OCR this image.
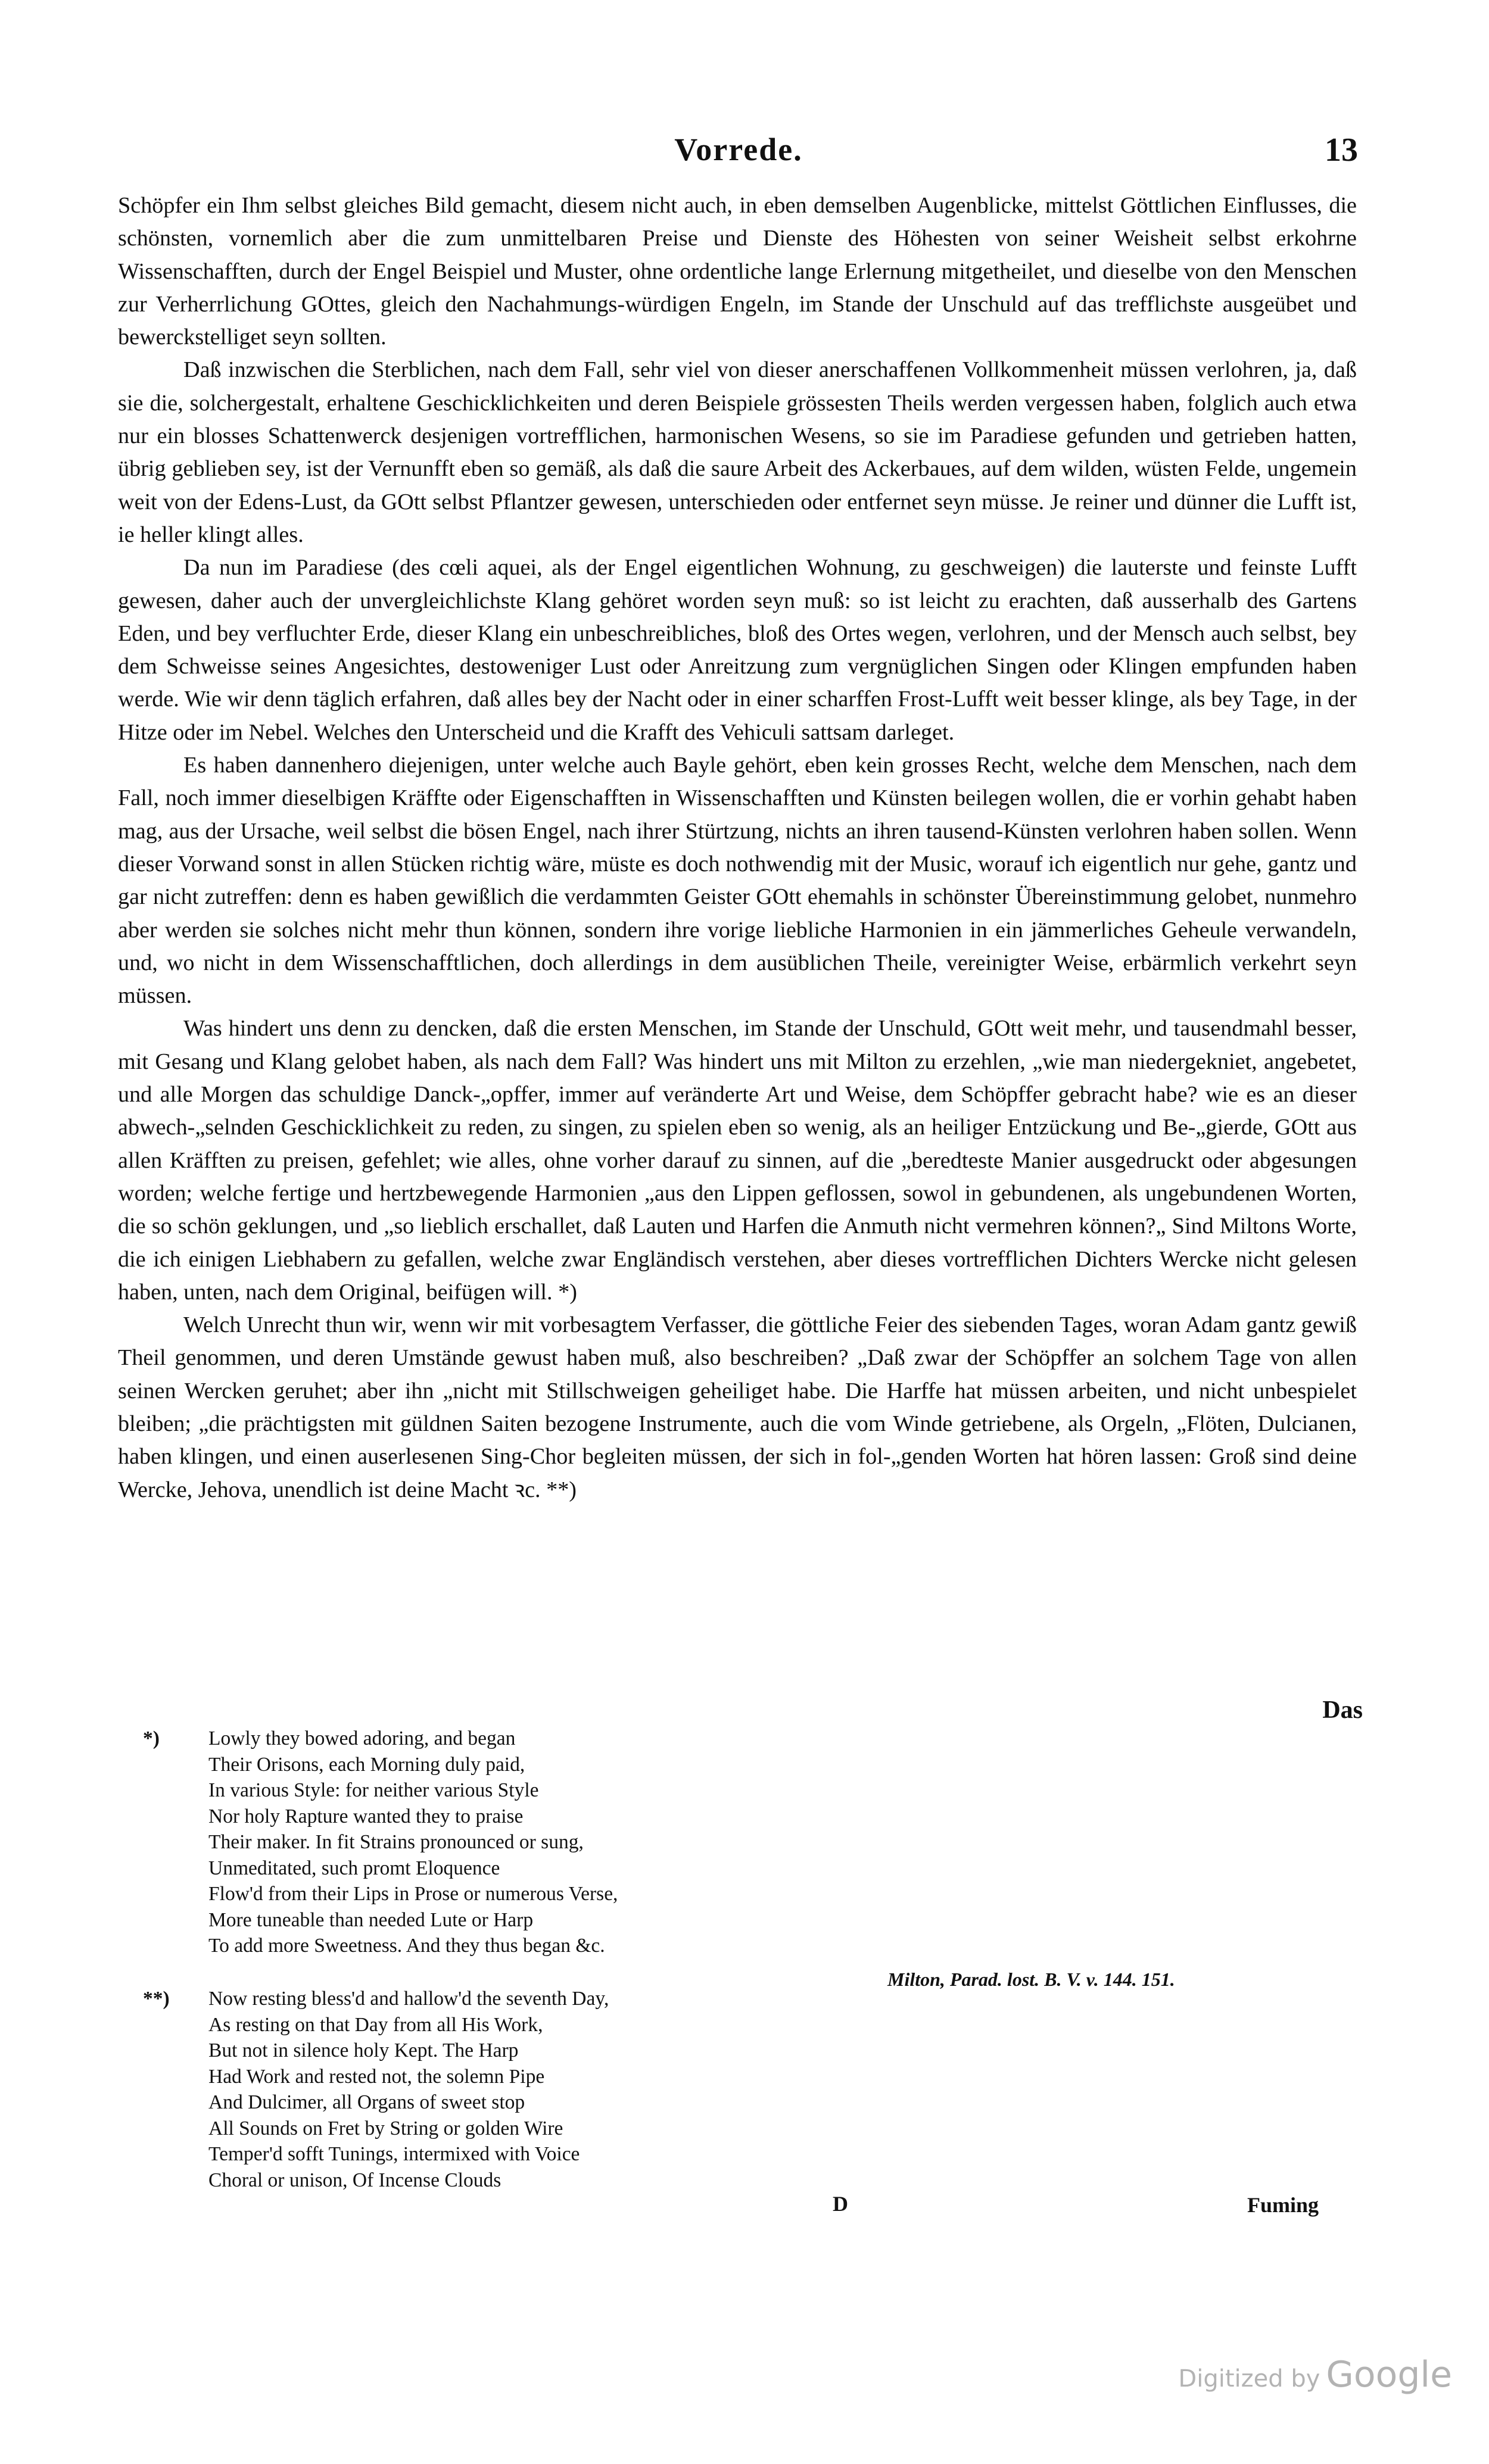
Vorrede.	13

Schöpfer ein Ihm selbst gleiches Bild gemacht, diesem nicht auch, in eben demselben Augenblicke, mittelst Göttlichen Einflusses, die schönsten, vornemlich aber die zum unmittelbaren Preise und Dienste des Höhesten von seiner Weisheit selbst erkohrne Wissenschafften, durch der Engel Beispiel und Muster, ohne ordentliche lange Erlernung mitgetheilet, und dieselbe von den Menschen zur Verherrlichung GOttes, gleich den Nachahmungs-würdigen Engeln, im Stande der Unschuld auf das trefflichste ausgeübet und bewerckstelliget seyn sollten.

Daß inzwischen die Sterblichen, nach dem Fall, sehr viel von dieser anerschaffenen Vollkommenheit müssen verlohren, ja, daß sie die, solchergestalt, erhaltene Geschicklichkeiten und deren Beispiele grössesten Theils werden vergessen haben, folglich auch etwa nur ein blosses Schattenwerck desjenigen vortrefflichen, harmonischen Wesens, so sie im Paradiese gefunden und getrieben hatten, übrig geblieben sey, ist der Vernunfft eben so gemäß, als daß die saure Arbeit des Ackerbaues, auf dem wilden, wüsten Felde, ungemein weit von der Edens-Lust, da GOtt selbst Pflantzer gewesen, unterschieden oder entfernet seyn müsse. Je reiner und dünner die Lufft ist, ie heller klingt alles.

Da nun im Paradiese (des cœli aquei, als der Engel eigentlichen Wohnung, zu geschweigen) die lauterste und feinste Lufft gewesen, daher auch der unvergleichlichste Klang gehöret worden seyn muß: so ist leicht zu erachten, daß ausserhalb des Gartens Eden, und bey verfluchter Erde, dieser Klang ein unbeschreibliches, bloß des Ortes wegen, verlohren, und der Mensch auch selbst, bey dem Schweisse seines Angesichtes, destoweniger Lust oder Anreitzung zum vergnüglichen Singen oder Klingen empfunden haben werde. Wie wir denn täglich erfahren, daß alles bey der Nacht oder in einer scharffen Frost-Lufft weit besser klinge, als bey Tage, in der Hitze oder im Nebel. Welches den Unterscheid und die Krafft des Vehiculi sattsam darleget.

Es haben dannenhero diejenigen, unter welche auch Bayle gehört, eben kein grosses Recht, welche dem Menschen, nach dem Fall, noch immer dieselbigen Kräffte oder Eigenschafften in Wissenschafften und Künsten beilegen wollen, die er vorhin gehabt haben mag, aus der Ursache, weil selbst die bösen Engel, nach ihrer Stürtzung, nichts an ihren tausend-Künsten verlohren haben sollen. Wenn dieser Vorwand sonst in allen Stücken richtig wäre, müste es doch nothwendig mit der Music, worauf ich eigentlich nur gehe, gantz und gar nicht zutreffen: denn es haben gewißlich die verdammten Geister GOtt ehemahls in schönster Übereinstimmung gelobet, nunmehro aber werden sie solches nicht mehr thun können, sondern ihre vorige liebliche Harmonien in ein jämmerliches Geheule verwandeln, und, wo nicht in dem Wissenschafftlichen, doch allerdings in dem ausüblichen Theile, vereinigter Weise, erbärmlich verkehrt seyn müssen.

Was hindert uns denn zu dencken, daß die ersten Menschen, im Stande der Unschuld, GOtt weit mehr, und tausendmahl besser, mit Gesang und Klang gelobet haben, als nach dem Fall? Was hindert uns mit Milton zu erzehlen, „wie man niedergekniet, angebetet, und alle Morgen das schuldige Danck-„opffer, immer auf veränderte Art und Weise, dem Schöpffer gebracht habe? wie es an dieser abwech-„selnden Geschicklichkeit zu reden, zu singen, zu spielen eben so wenig, als an heiliger Entzückung und Be-„gierde, GOtt aus allen Kräfften zu preisen, gefehlet; wie alles, ohne vorher darauf zu sinnen, auf die „beredteste Manier ausgedruckt oder abgesungen worden; welche fertige und hertzbewegende Harmonien „aus den Lippen geflossen, sowol in gebundenen, als ungebundenen Worten, die so schön geklungen, und „so lieblich erschallet, daß Lauten und Harfen die Anmuth nicht vermehren können?„ Sind Miltons Worte, die ich einigen Liebhabern zu gefallen, welche zwar Engländisch verstehen, aber dieses vortrefflichen Dichters Wercke nicht gelesen haben, unten, nach dem Original, beifügen will. *)

Welch Unrecht thun wir, wenn wir mit vorbesagtem Verfasser, die göttliche Feier des siebenden Tages, woran Adam gantz gewiß Theil genommen, und deren Umstände gewust haben muß, also beschreiben? „Daß zwar der Schöpffer an solchem Tage von allen seinen Wercken geruhet; aber ihn „nicht mit Stillschweigen geheiliget habe. Die Harffe hat müssen arbeiten, und nicht unbespielet bleiben; „die prächtigsten mit güldnen Saiten bezogene Instrumente, auch die vom Winde getriebene, als Orgeln, „Flöten, Dulcianen, haben klingen, und einen auserlesenen Sing-Chor begleiten müssen, der sich in fol-„genden Worten hat hören lassen: Groß sind deine Wercke, Jehova, unendlich ist deine Macht ꝛc. **)

Das
*) Lowly they bowed adoring, and began
Their Orisons, each Morning duly paid,
In various Style: for neither various Style
Nor holy Rapture wanted they to praise
Their maker. In fit Strains pronounced or sung,
Unmeditated, such promt Eloquence
Flow'd from their Lips in Prose or numerous Verse,
More tuneable than needed Lute or Harp
To add more Sweetness. And they thus began &c.
Milton, Parad. lost. B. V. v. 144. 151.
**) Now resting bless'd and hallow'd the seventh Day,
As resting on that Day from all His Work,
But not in silence holy Kept. The Harp
Had Work and rested not, the solemn Pipe
And Dulcimer, all Organs of sweet stop
All Sounds on Fret by String or golden Wire
Temper'd sofft Tunings, intermixed with Voice
Choral or unison, Of Incense Clouds
D	Fuming
Digitized by Google
